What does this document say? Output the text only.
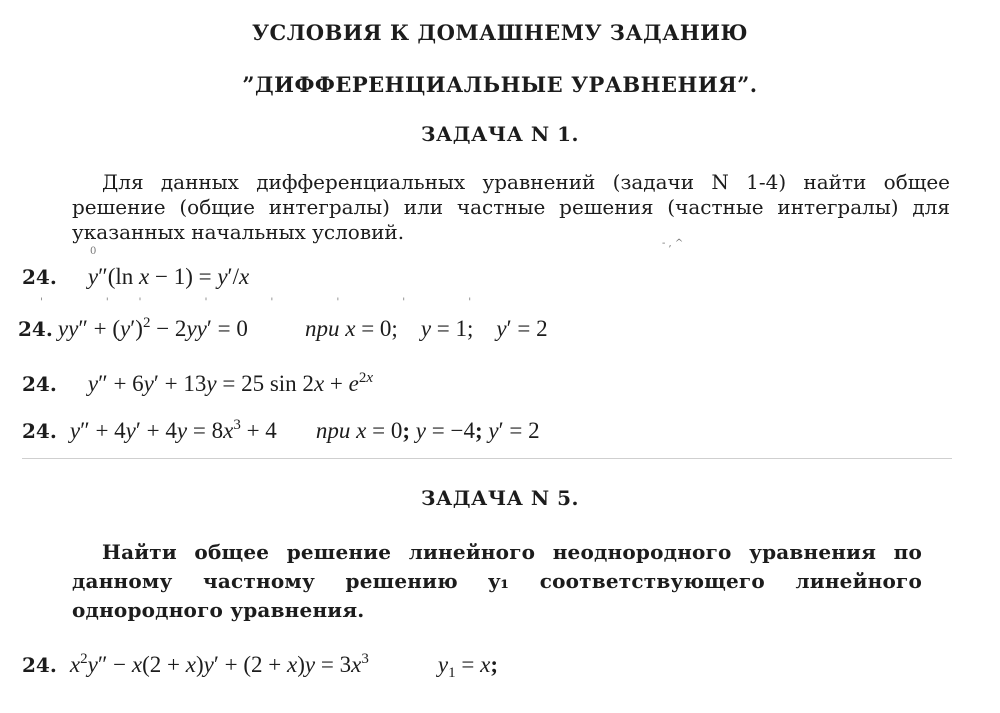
УСЛОВИЯ К ДОМАШНЕМУ ЗАДАНИЮ
”ДИФФЕРЕНЦИАЛЬНЫЕ УРАВНЕНИЯ”.
ЗАДАЧА N 1.
Для данных дифференциальных уравнений (задачи N 1-4) найти общее решение (общие интегралы) или частные решения (частные интегралы) для указанных начальных условий.	- , ^
0
' '' ' ' ' ' '
24. y″(ln x − 1) = y′/x
24. $yy'' + (y')^2 - 2yy' = 0$ при x = 0;    y = 1;    y′ = 2
24. y″ + 6y′ + 13y = 25 $\sin 2x + e^{2x}$
24. $y'' + 4y' + 4y = 8x^3 + 4$ при x = 0; y = −4; y′ = 2
ЗАДАЧА N 5.
Найти общее решение линейного неоднородного уравнения по данному частному решению y₁ соответствующего линейного однородного уравнения.
24. $x^2y'' - x(2 + x)y' + (2 + x)y = 3x^3$	$y_1 = x$;
